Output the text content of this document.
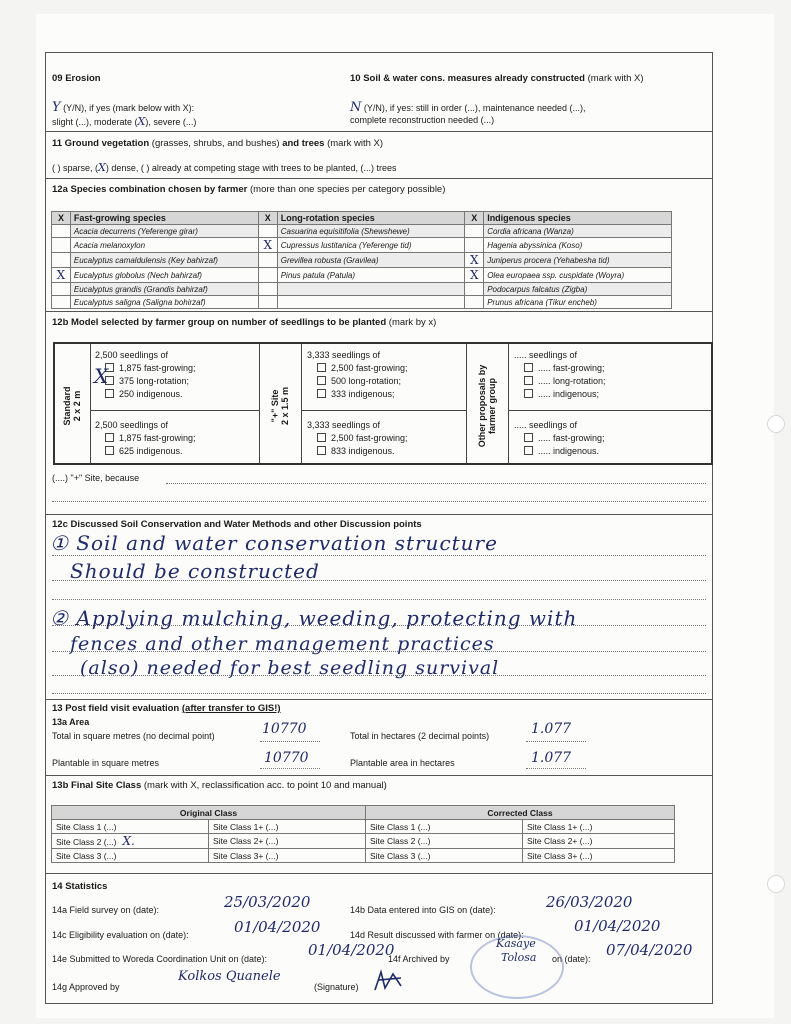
09 Erosion
Y (Y/N), if yes (mark below with X):
slight (...), moderate (X), severe (...)
10 Soil & water cons. measures already constructed (mark with X)
N (Y/N), if yes: still in order (...), maintenance needed (...),
complete reconstruction needed (...)
11 Ground vegetation (grasses, shrubs, and bushes) and trees (mark with X)
( ) sparse, (X) dense, ( ) already at competing stage with trees to be planted, (...) trees
12a Species combination chosen by farmer (more than one species per category possible)
X	Fast-growing species	X	Long-rotation species	X	Indigenous species
	Acacia decurrens (Yeferenge girar)		Casuarina equisitifolia (Shewshewe)		Cordia africana (Wanza)
	Acacia melanoxylon	X	Cupressus lustitanica (Yeferenge tid)		Hagenia abyssinica (Koso)
	Eucalyptus camaldulensis (Key bahirzaf)		Grevillea robusta (Gravilea)	X	Juniperus procera (Yehabesha tid)
X	Eucalyptus globolus (Nech bahirzaf)		Pinus patula (Patula)	X	Olea europaea ssp. cuspidate (Woyra)
	Eucalyptus grandis (Grandis bahirzaf)				Podocarpus falcatus (Zigba)
	Eucalyptus saligna (Saligna bohirzaf)				Prunus africana (Tikur encheb)
12b Model selected by farmer group on number of seedlings to be planted (mark by x)
Standard
2 x 2 m	"+" Site
2 x 1.5 m	Other proposals by
farmer group
2,500 seedlings of
1,875 fast-growing;
375 long-rotation;
250 indigenous.
X
2,500 seedlings of
1,875 fast-growing;
625 indigenous.
3,333 seedlings of
2,500 fast-growing;
500 long-rotation;
333 indigenous;
3,333 seedlings of
2,500 fast-growing;
833 indigenous.
..... seedlings of
..... fast-growing;
..... long-rotation;
..... indigenous;
..... seedlings of
..... fast-growing;
..... indigenous.
(....) "+" Site, because
12c Discussed Soil Conservation and Water Methods and other Discussion points
① Soil and water conservation structure
Should be constructed
② Applying mulching, weeding, protecting with
fences and other management practices
(also) needed for best seedling survival
13 Post field visit evaluation (after transfer to GIS!)
13a Area
Total in square metres (no decimal point)	10770
Plantable in square metres	10770
Total in hectares (2 decimal points)	1.077
Plantable area in hectares	1.077
13b Final Site Class (mark with X, reclassification acc. to point 10 and manual)
Original Class		Corrected Class	
Site Class 1 (...)	Site Class 1+ (...)	Site Class 1 (...)	Site Class 1+ (...)
Site Class 2 (...) X.	Site Class 2+ (...)	Site Class 2 (...)	Site Class 2+ (...)
Site Class 3 (...)	Site Class 3+ (...)	Site Class 3 (...)	Site Class 3+ (...)
14 Statistics
14a Field survey on (date):	25/03/2020	14b Data entered into GIS on (date):	26/03/2020
14c Eligibility evaluation on (date):	01/04/2020	14d Result discussed with farmer on (date):	01/04/2020
14e Submitted to Woreda Coordination Unit on (date):	01/04/2020
14f Archived by
Kasaye
Tolosa on (date): 07/04/2020
14g Approved by
Kolkos Quanele
(Signature)
